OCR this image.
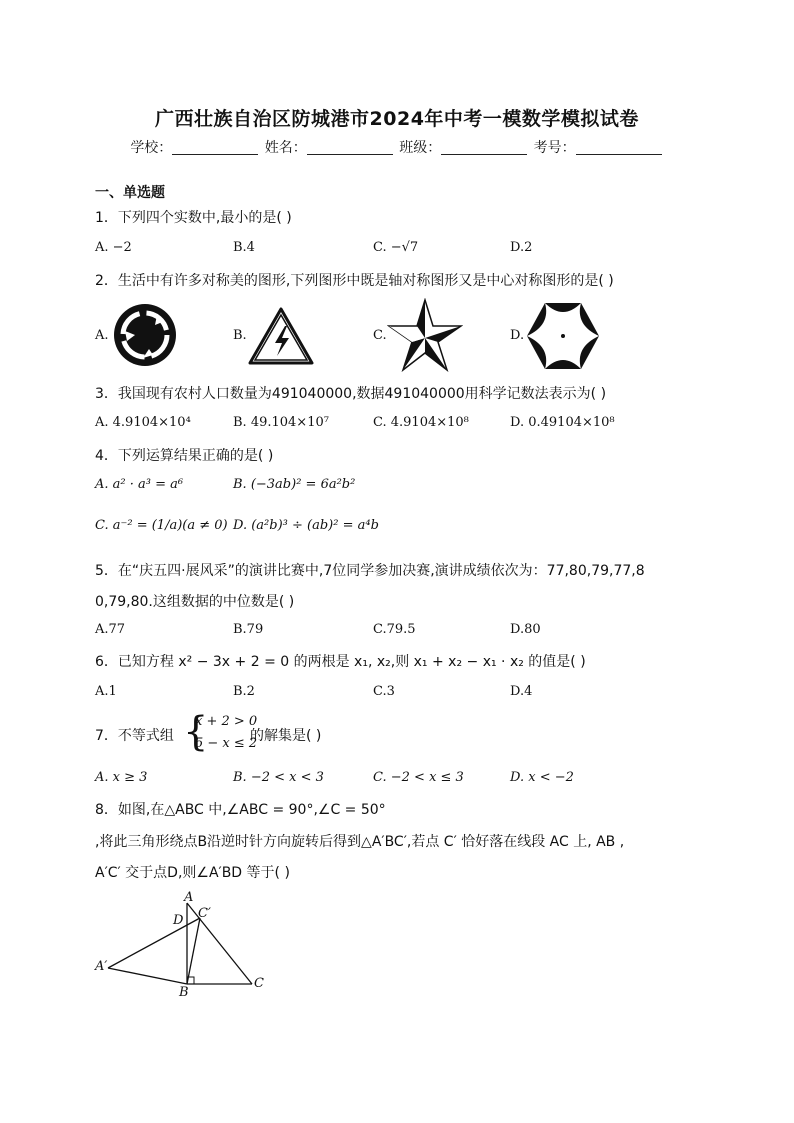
广西壮族自治区防城港市2024年中考一模数学模拟试卷
学校：	姓名：	班级：	考号：
一、单选题
1．下列四个实数中,最小的是( )
A. −2	B.4	C. −√7	D.2
2．生活中有许多对称美的图形,下列图形中既是轴对称图形又是中心对称图形的是( )
A.	B.	C.	D.
3．我国现有农村人口数量为491040000,数据491040000用科学记数法表示为( )
A. 4.9104×10⁴	B. 49.104×10⁷	C. 4.9104×10⁸	D. 0.49104×10⁸
4．下列运算结果正确的是( )
A. a² · a³ = a⁶	B. (−3ab)² = 6a²b²
C. a⁻² = (1/a)(a ≠ 0) D. (a²b)³ ÷ (ab)² = a⁴b
5．在“庆五四·展风采”的演讲比赛中,7位同学参加决赛,演讲成绩依次为：77,80,79,77,8
0,79,80.这组数据的中位数是( )
A.77	B.79	C.79.5	D.80
6．已知方程 x² − 3x + 2 = 0 的两根是 x₁, x₂,则 x₁ + x₂ − x₁ · x₂ 的值是( )
A.1	B.2	C.3	D.4
7．不等式组 {
x + 2 > 0
5 − x ≤ 2
的解集是( )
A. x ≥ 3	B. −2 < x < 3	C. −2 < x ≤ 3	D. x < −2
8．如图,在△ABC 中,∠ABC = 90°,∠C = 50°
,将此三角形绕点B沿逆时针方向旋转后得到△A′BC′,若点 C′ 恰好落在线段 AC 上, AB ,
A′C′ 交于点D,则∠A′BD 等于( )
A
D C′
A′
B
C
